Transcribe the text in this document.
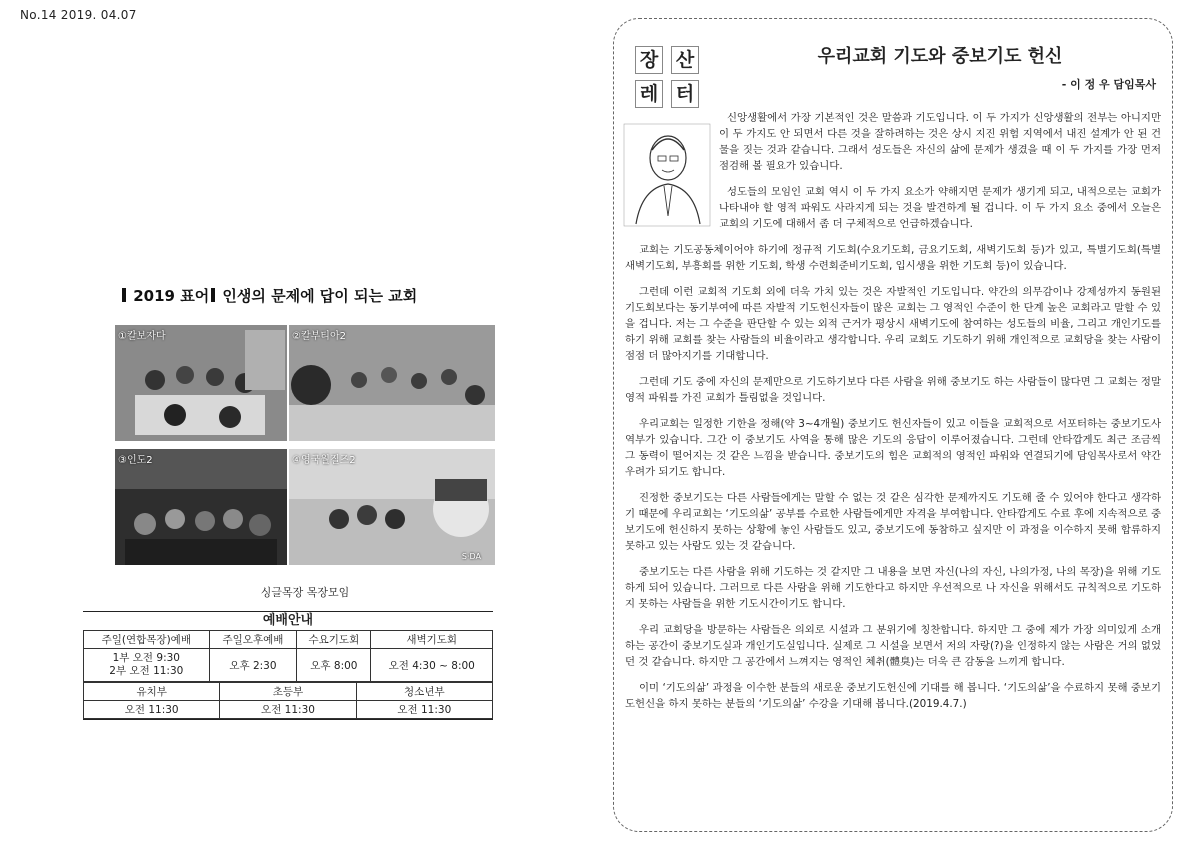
No.14 2019. 04.07
2019 표어 인생의 문제에 답이 되는 교회
①칼보자다	②칼부티아2
③인도2	④영국월질즈2
S·DA
싱글목장 목장모임
예배안내
주일(연합목장)예배	주일오후예배	수요기도회	새벽기도회

1부 오전 9:30
2부 오전 11:30	오후 2:30	오후 8:00	오전 4:30 ~ 8:00
유치부	초등부	청소년부
오전 11:30	오전 11:30	오전 11:30
장 산
레 터
우리교회 기도와 중보기도 헌신
- 이 정 우 담임목사

신앙생활에서 가장 기본적인 것은 말씀과 기도입니다. 이 두 가지가 신앙생활의 전부는 아니지만 이 두 가지도 안 되면서 다른 것을 잘하려하는 것은 상시 지진 위험 지역에서 내진 설계가 안 된 건물을 짓는 것과 같습니다. 그래서 성도들은 자신의 삶에 문제가 생겼을 때 이 두 가지를 가장 먼저 점검해 볼 필요가 있습니다.

성도들의 모임인 교회 역시 이 두 가지 요소가 약해지면 문제가 생기게 되고, 내적으로는 교회가 나타내야 할 영적 파워도 사라지게 되는 것을 발견하게 될 겁니다. 이 두 가지 요소 중에서 오늘은 교회의 기도에 대해서 좀 더 구체적으로 언급하겠습니다.

교회는 기도공동체이어야 하기에 정규적 기도회(수요기도회, 금요기도회, 새벽기도회 등)가 있고, 특별기도회(특별새벽기도회, 부흥회를 위한 기도회, 학생 수련회준비기도회, 입시생을 위한 기도회 등)이 있습니다.

그런데 이런 교회적 기도회 외에 더욱 가치 있는 것은 자발적인 기도입니다. 약간의 의무감이나 강제성까지 동원된 기도회보다는 동기부여에 따른 자발적 기도헌신자들이 많은 교회는 그 영적인 수준이 한 단계 높은 교회라고 말할 수 있을 겁니다. 저는 그 수준을 판단할 수 있는 외적 근거가 평상시 새벽기도에 참여하는 성도들의 비율, 그리고 개인기도를 하기 위해 교회를 찾는 사람들의 비율이라고 생각합니다. 우리 교회도 기도하기 위해 개인적으로 교회당을 찾는 사람이 점점 더 많아지기를 기대합니다.

그런데 기도 중에 자신의 문제만으로 기도하기보다 다른 사람을 위해 중보기도 하는 사람들이 많다면 그 교회는 정말 영적 파워를 가진 교회가 틀림없을 것입니다.

우리교회는 일정한 기한을 정해(약 3~4개월) 중보기도 헌신자들이 있고 이들을 교회적으로 서포터하는 중보기도사역부가 있습니다. 그간 이 중보기도 사역을 통해 많은 기도의 응답이 이루어졌습니다. 그런데 안타깝게도 최근 조금씩 그 동력이 떨어지는 것 같은 느낌을 받습니다. 중보기도의 힘은 교회적의 영적인 파워와 연결되기에 담임목사로서 약간 우려가 되기도 합니다.

진정한 중보기도는 다른 사람들에게는 말할 수 없는 것 같은 심각한 문제까지도 기도해 줄 수 있어야 한다고 생각하기 때문에 우리교회는 ‘기도의삶’ 공부를 수료한 사람들에게만 자격을 부여합니다. 안타깝게도 수료 후에 지속적으로 중보기도에 헌신하지 못하는 상황에 놓인 사람들도 있고, 중보기도에 동참하고 싶지만 이 과정을 이수하지 못해 합류하지 못하고 있는 사람도 있는 것 같습니다.

중보기도는 다른 사람을 위해 기도하는 것 같지만 그 내용을 보면 자신(나의 자신, 나의가정, 나의 목장)을 위해 기도하게 되어 있습니다. 그러므로 다른 사람을 위해 기도한다고 하지만 우선적으로 나 자신을 위해서도 규칙적으로 기도하지 못하는 사람들을 위한 기도시간이기도 합니다.

우리 교회당을 방문하는 사람들은 의외로 시설과 그 분위기에 칭찬합니다. 하지만 그 중에 제가 가장 의미있게 소개하는 공간이 중보기도실과 개인기도실입니다. 실제로 그 시설을 보면서 저의 자랑(?)을 인정하지 않는 사람은 거의 없었던 것 같습니다. 하지만 그 공간에서 느껴지는 영적인 체취(體臭)는 더욱 큰 감동을 느끼게 합니다.

이미 ‘기도의삶’ 과정을 이수한 분들의 새로운 중보기도헌신에 기대를 해 봅니다. ‘기도의삶’을 수료하지 못해 중보기도헌신을 하지 못하는 분들의 ‘기도의삶’ 수강을 기대해 봅니다.(2019.4.7.)
